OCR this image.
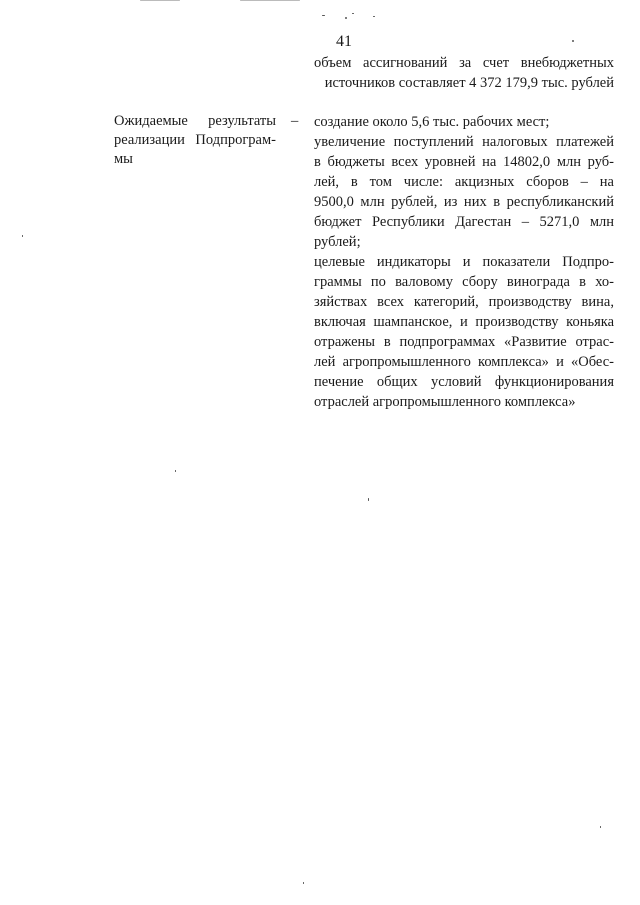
41
объем ассигнований за счет внебюджетных
источников составляет 4 372 179,9 тыс. рублей
Ожидаемые результаты
реализации Подпрограм-
мы
– создание около 5,6 тыс. рабочих мест;
увеличение поступлений налоговых платежей
в бюджеты всех уровней на 14802,0 млн руб-
лей, в том числе: акцизных сборов – на
9500,0 млн рублей, из них в республиканский
бюджет Республики Дагестан – 5271,0 млн
рублей;
целевые индикаторы и показатели Подпро-
граммы по валовому сбору винограда в хо-
зяйствах всех категорий, производству вина,
включая шампанское, и производству коньяка
отражены в подпрограммах «Развитие отрас-
лей агропромышленного комплекса» и «Обес-
печение общих условий функционирования
отраслей агропромышленного комплекса»
